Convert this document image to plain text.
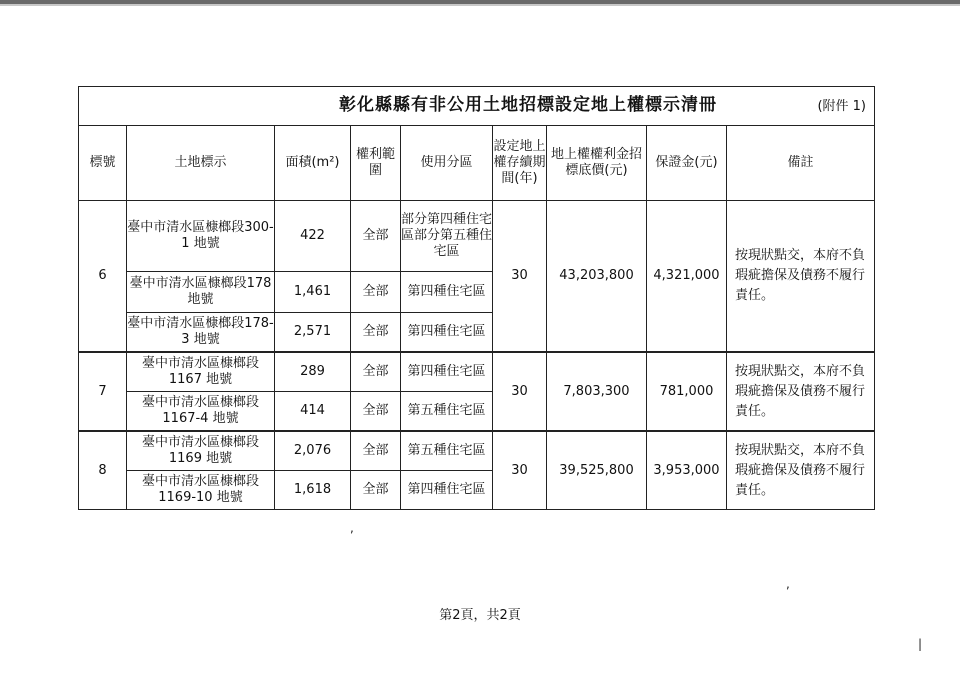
彰化縣縣有非公用土地招標設定地上權標示清冊 (附件 1)								

標號	土地標示	面積(m²)	權利範圍	使用分區	設定地上權存續期間(年)	地上權權利金招標底價(元)	保證金(元)	備註
6	臺中市清水區槺榔段300-1 地號	422	全部	部分第四種住宅區部分第五種住宅區	30	43,203,800	4,321,000	按現狀點交，本府不負瑕疵擔保及債務不履行責任。
	臺中市清水區槺榔段178 地號	1,461	全部	第四種住宅區				
	臺中市清水區槺榔段178-3 地號	2,571	全部	第四種住宅區				
7	臺中市清水區槺榔段1167 地號	289	全部	第四種住宅區	30	7,803,300	781,000	按現狀點交，本府不負瑕疵擔保及債務不履行責任。
	臺中市清水區槺榔段1167-4 地號	414	全部	第五種住宅區				
8	臺中市清水區槺榔段1169 地號	2,076	全部	第五種住宅區	30	39,525,800	3,953,000	按現狀點交，本府不負瑕疵擔保及債務不履行責任。
	臺中市清水區槺榔段1169-10 地號	1,618	全部	第四種住宅區				
第2頁，共2頁
,
,
|
